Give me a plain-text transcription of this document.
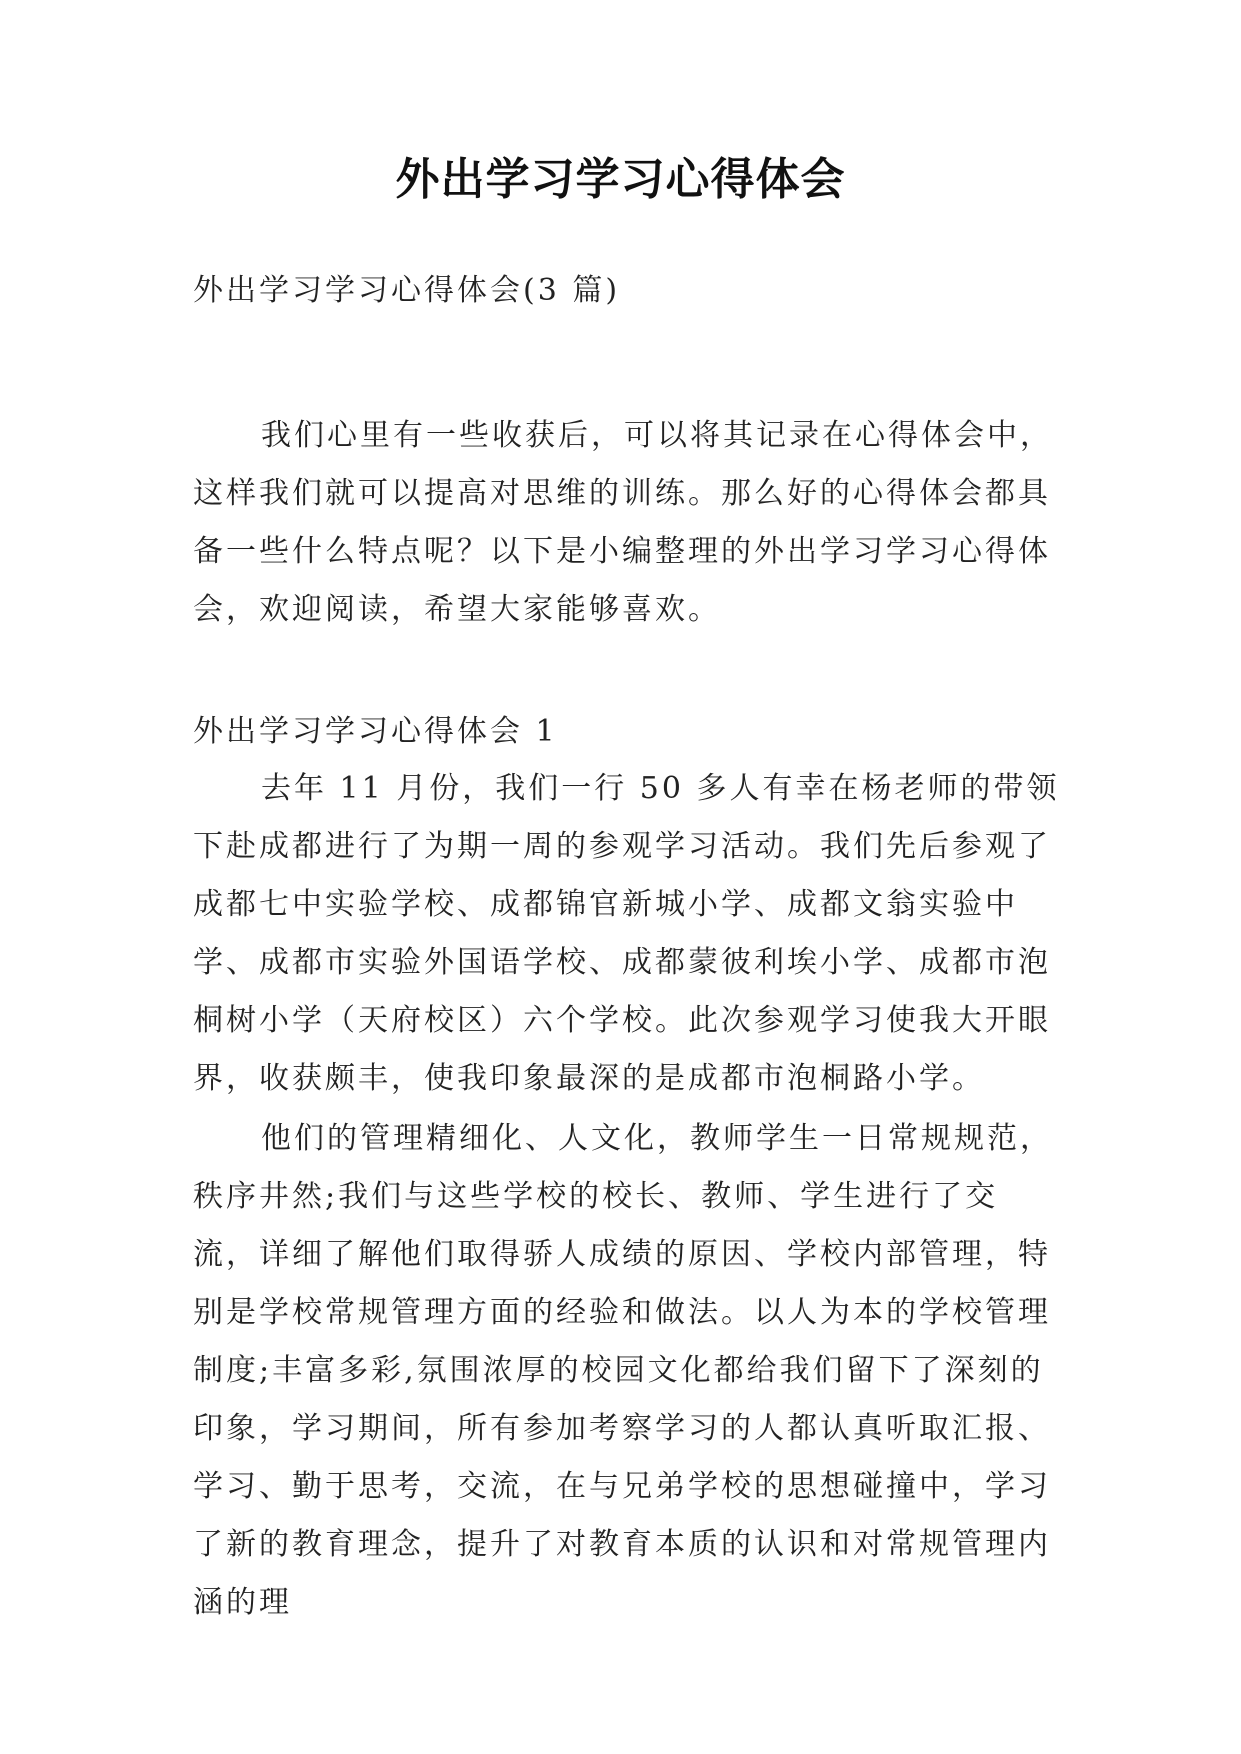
外出学习学习心得体会
外出学习学习心得体会(3 篇)

我们心里有一些收获后，可以将其记录在心得体会中，这样我们就可以提高对思维的训练。那么好的心得体会都具备一些什么特点呢？以下是小编整理的外出学习学习心得体会，欢迎阅读，希望大家能够喜欢。

外出学习学习心得体会 1

去年 11 月份，我们一行 50 多人有幸在杨老师的带领下赴成都进行了为期一周的参观学习活动。我们先后参观了成都七中实验学校、成都锦官新城小学、成都文翁实验中学、成都市实验外国语学校、成都蒙彼利埃小学、成都市泡桐树小学（天府校区）六个学校。此次参观学习使我大开眼界，收获颇丰，使我印象最深的是成都市泡桐路小学。

他们的管理精细化、人文化，教师学生一日常规规范，秩序井然;我们与这些学校的校长、教师、学生进行了交流，详细了解他们取得骄人成绩的原因、学校内部管理，特别是学校常规管理方面的经验和做法。以人为本的学校管理制度;丰富多彩,氛围浓厚的校园文化都给我们留下了深刻的印象，学习期间，所有参加考察学习的人都认真听取汇报、学习、勤于思考，交流，在与兄弟学校的思想碰撞中，学习了新的教育理念，提升了对教育本质的认识和对常规管理内涵的理
